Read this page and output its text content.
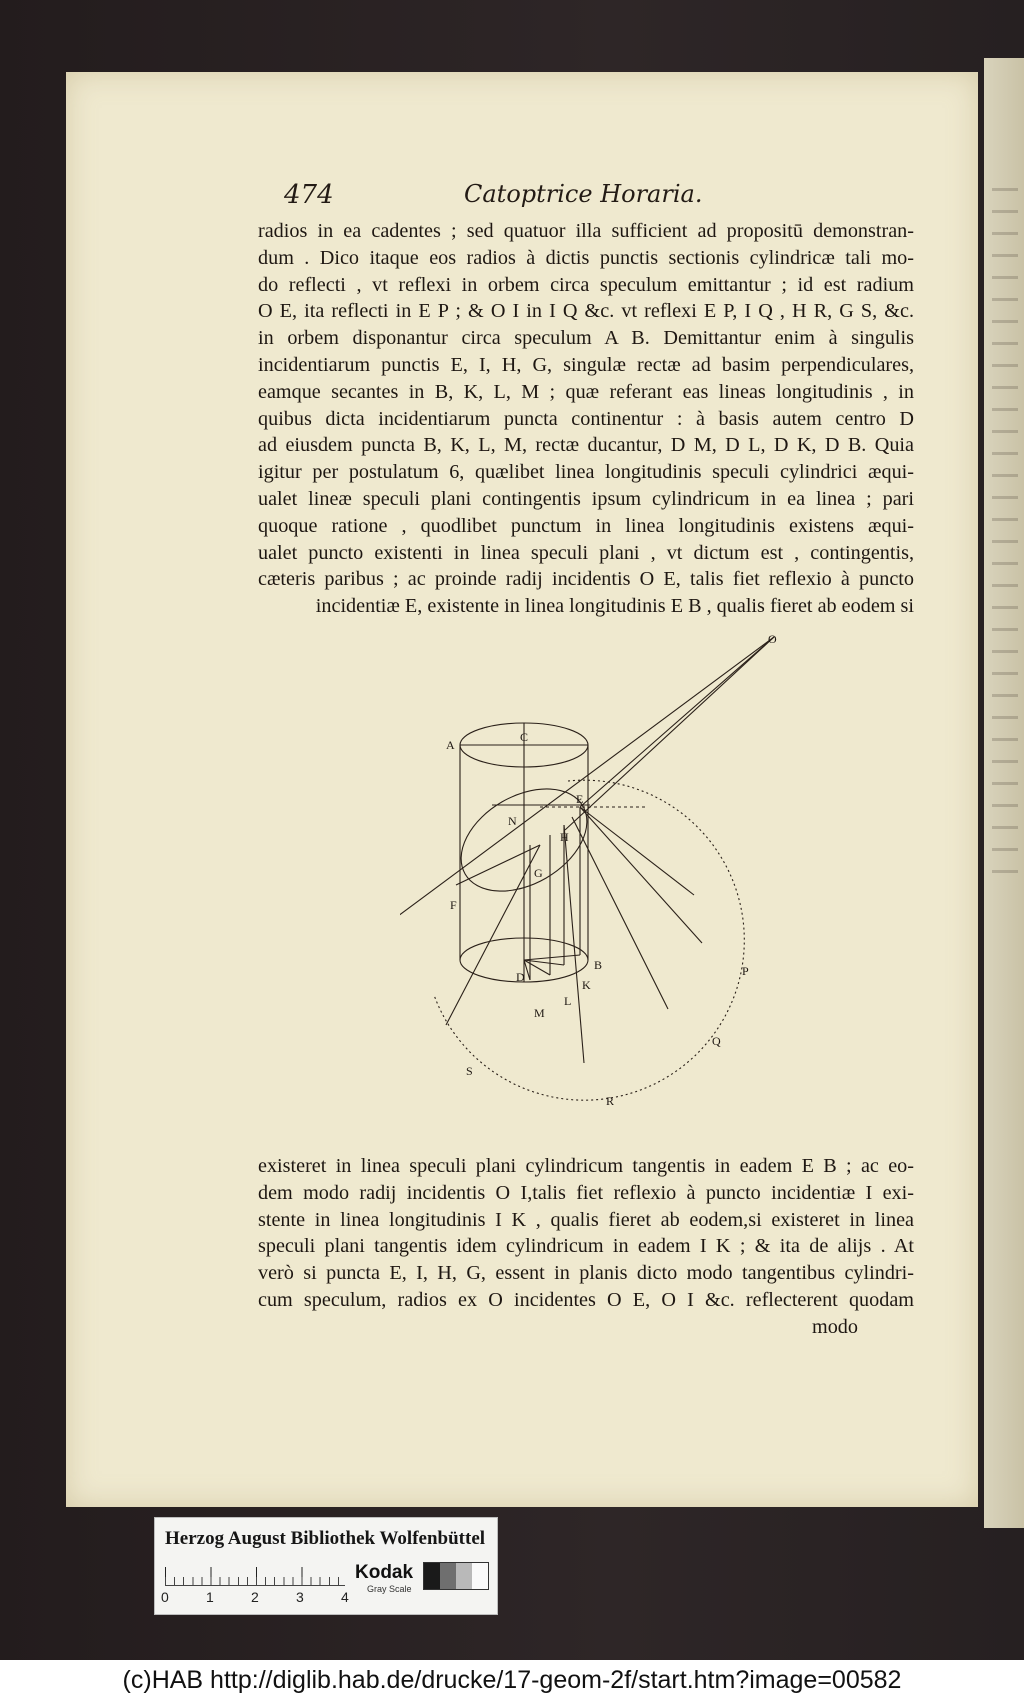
474	Catoptrice Horaria.
radios in ea cadentes ; sed quatuor illa sufficient ad propositū demonstran-
dum . Dico itaque eos radios à dictis punctis sectionis cylindricæ tali mo-
do reflecti , vt reflexi in orbem circa speculum emittantur ; id est radium
O E, ita reflecti in E P ; & O I in I Q &c. vt reflexi E P, I Q , H R, G S, &c.
in orbem disponantur circa speculum A B. Demittantur enim à singulis
incidentiarum punctis E, I, H, G, singulæ rectæ ad basim perpendiculares,
eamque secantes in B, K, L, M ; quæ referant eas lineas longitudinis , in
quibus dicta incidentiarum puncta continentur : à basis autem centro D
ad eiusdem puncta B, K, L, M, rectæ ducantur, D M, D L, D K, D B. Quia
igitur per postulatum 6, quælibet linea longitudinis speculi cylindrici æqui-
ualet lineæ speculi plani contingentis ipsum cylindricum in ea linea ; pari
quoque ratione , quodlibet punctum in linea longitudinis existens æqui-
ualet puncto existenti in linea speculi plani , vt dictum est , contingentis,
cæteris paribus ; ac proinde radij incidentis O E, talis fiet reflexio à puncto
incidentiæ E, existente in linea longitudinis E B , qualis fieret ab eodem si
O
A
C
E
N
H
G
F
B
D
K
L
M
P
Q
R
S
existeret in linea speculi plani cylindricum tangentis in eadem E B ; ac eo-
dem modo radij incidentis O I,talis fiet reflexio à puncto incidentiæ I exi-
stente in linea longitudinis I K , qualis fieret ab eodem,si existeret in linea
speculi plani tangentis idem cylindricum in eadem I K ; & ita de alijs . At
verò si puncta E, I, H, G, essent in planis dicto modo tangentibus cylindri-
cum speculum, radios ex O incidentes O E, O I &c. reflecterent quodam
modo
Herzog August Bibliothek Wolfenbüttel
0	1	2	3	4
Kodak
Gray Scale
(c)HAB http://diglib.hab.de/drucke/17-geom-2f/start.htm?image=00582
